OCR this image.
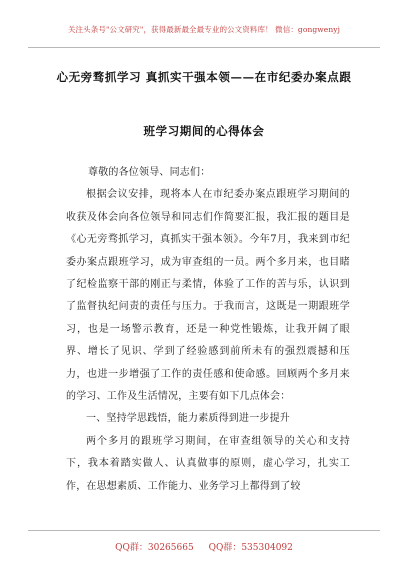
关注头条号"公文研究"，获得最新最全最专业的公文资料库！ 微信：gongwenyj
心无旁骛抓学习 真抓实干强本领——在市纪委办案点跟
班学习期间的心得体会

尊敬的各位领导、同志们：

根据会议安排，现将本人在市纪委办案点跟班学习期间的收获及体会向各位领导和同志们作简要汇报，我汇报的题目是《心无旁骛抓学习，真抓实干强本领》。今年7月，我来到市纪委办案点跟班学习，成为审查组的一员。两个多月来，也目睹了纪检监察干部的刚正与柔情，体验了工作的苦与乐，认识到了监督执纪问责的责任与压力。于我而言，这既是一期跟班学习，也是一场警示教育，还是一种党性锻炼，让我开阔了眼界、增长了见识、学到了经验感到前所未有的强烈震撼和压力，也进一步增强了工作的责任感和使命感。回顾两个多月来的学习、工作及生活情况，主要有如下几点体会：

一、坚持学思践悟，能力素质得到进一步提升

两个多月的跟班学习期间，在审查组领导的关心和支持下，我本着踏实做人、认真做事的原则，虚心学习，扎实工作，在思想素质、工作能力、业务学习上都得到了较

QQ群：30265665 QQ群：535304092
